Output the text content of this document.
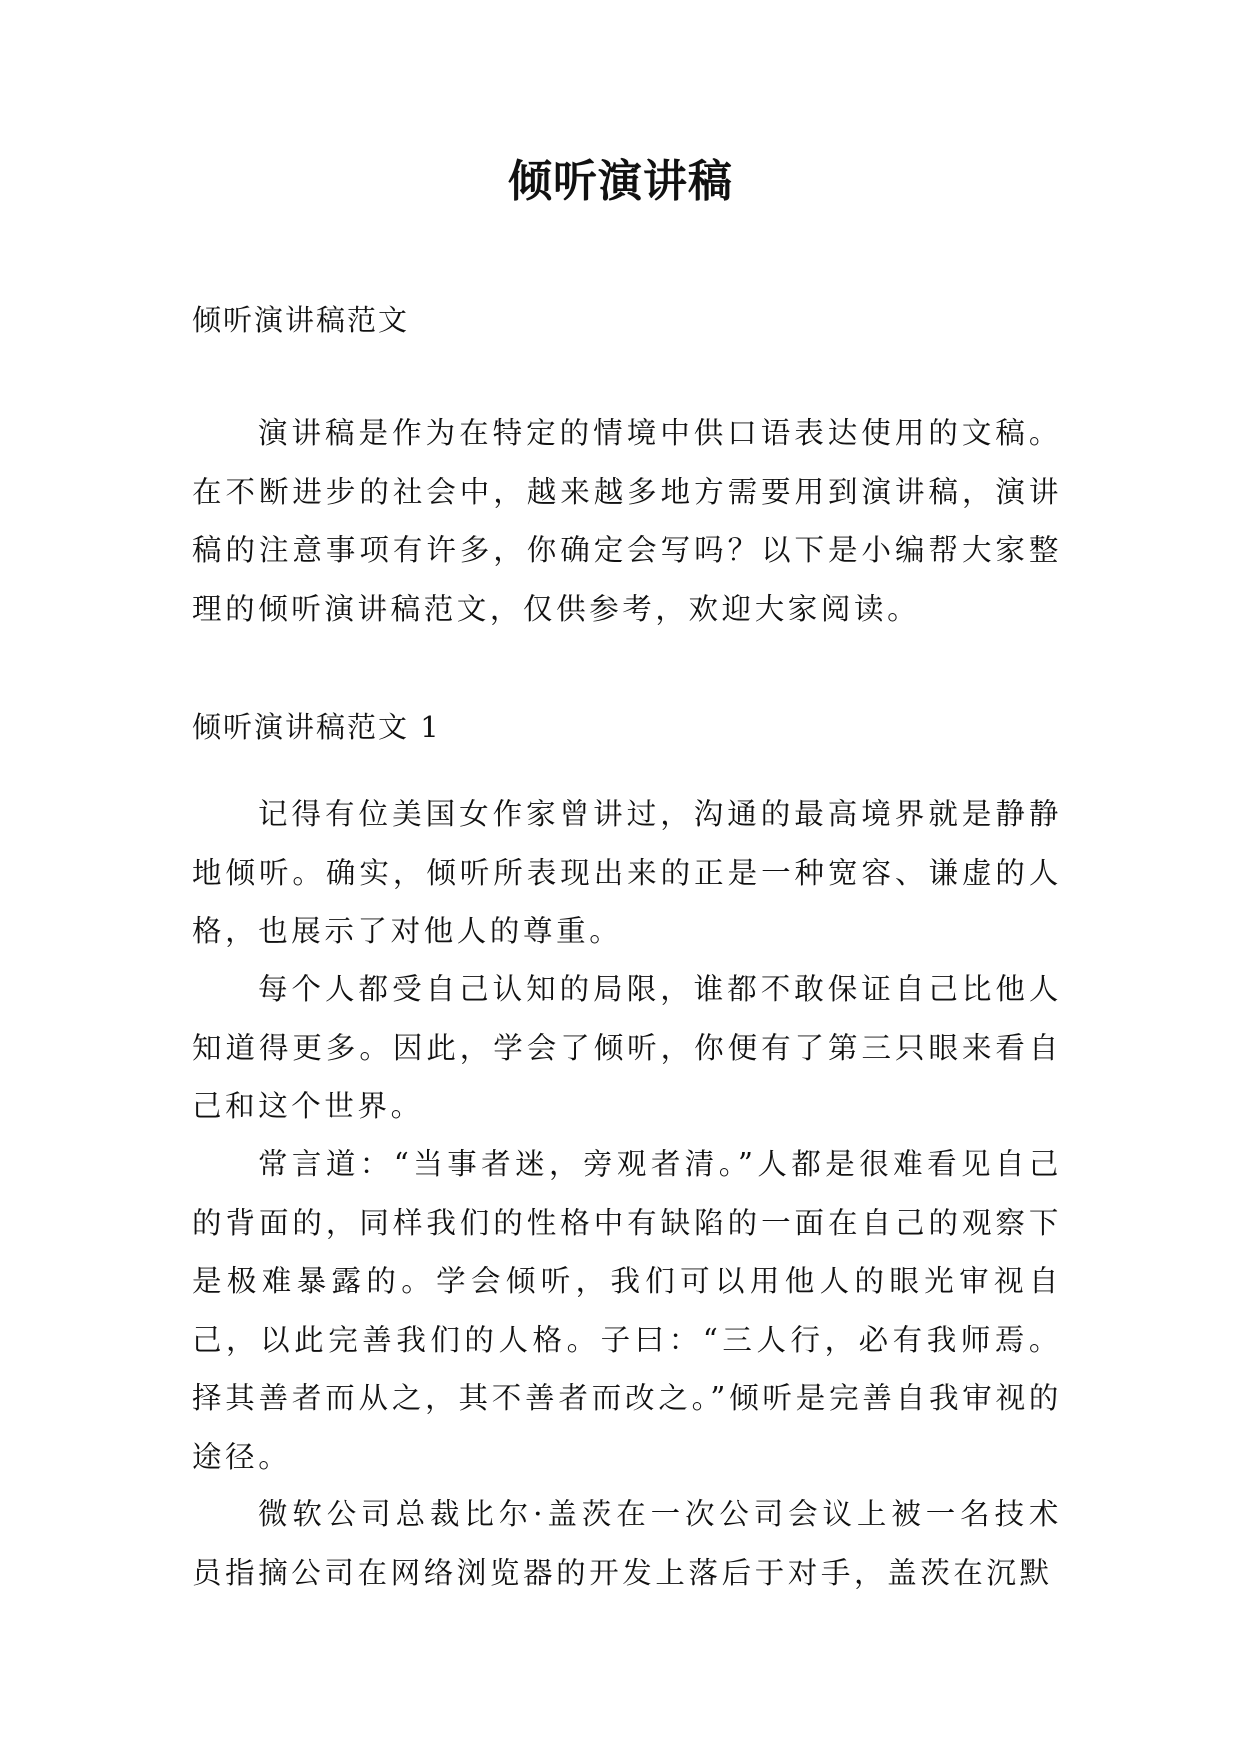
倾听演讲稿

倾听演讲稿范文

演讲稿是作为在特定的情境中供口语表达使用的文稿。在不断进步的社会中，越来越多地方需要用到演讲稿，演讲稿的注意事项有许多，你确定会写吗？以下是小编帮大家整理的倾听演讲稿范文，仅供参考，欢迎大家阅读。

倾听演讲稿范文 1

记得有位美国女作家曾讲过，沟通的最高境界就是静静地倾听。确实，倾听所表现出来的正是一种宽容、谦虚的人格，也展示了对他人的尊重。

每个人都受自己认知的局限，谁都不敢保证自己比他人知道得更多。因此，学会了倾听，你便有了第三只眼来看自己和这个世界。

常言道：“当事者迷，旁观者清。”人都是很难看见自己的背面的，同样我们的性格中有缺陷的一面在自己的观察下是极难暴露的。学会倾听，我们可以用他人的眼光审视自己，以此完善我们的人格。子曰：“三人行，必有我师焉。择其善者而从之，其不善者而改之。”倾听是完善自我审视的途径。

微软公司总裁比尔·盖茨在一次公司会议上被一名技术员指摘公司在网络浏览器的开发上落后于对手，盖茨在沉默
